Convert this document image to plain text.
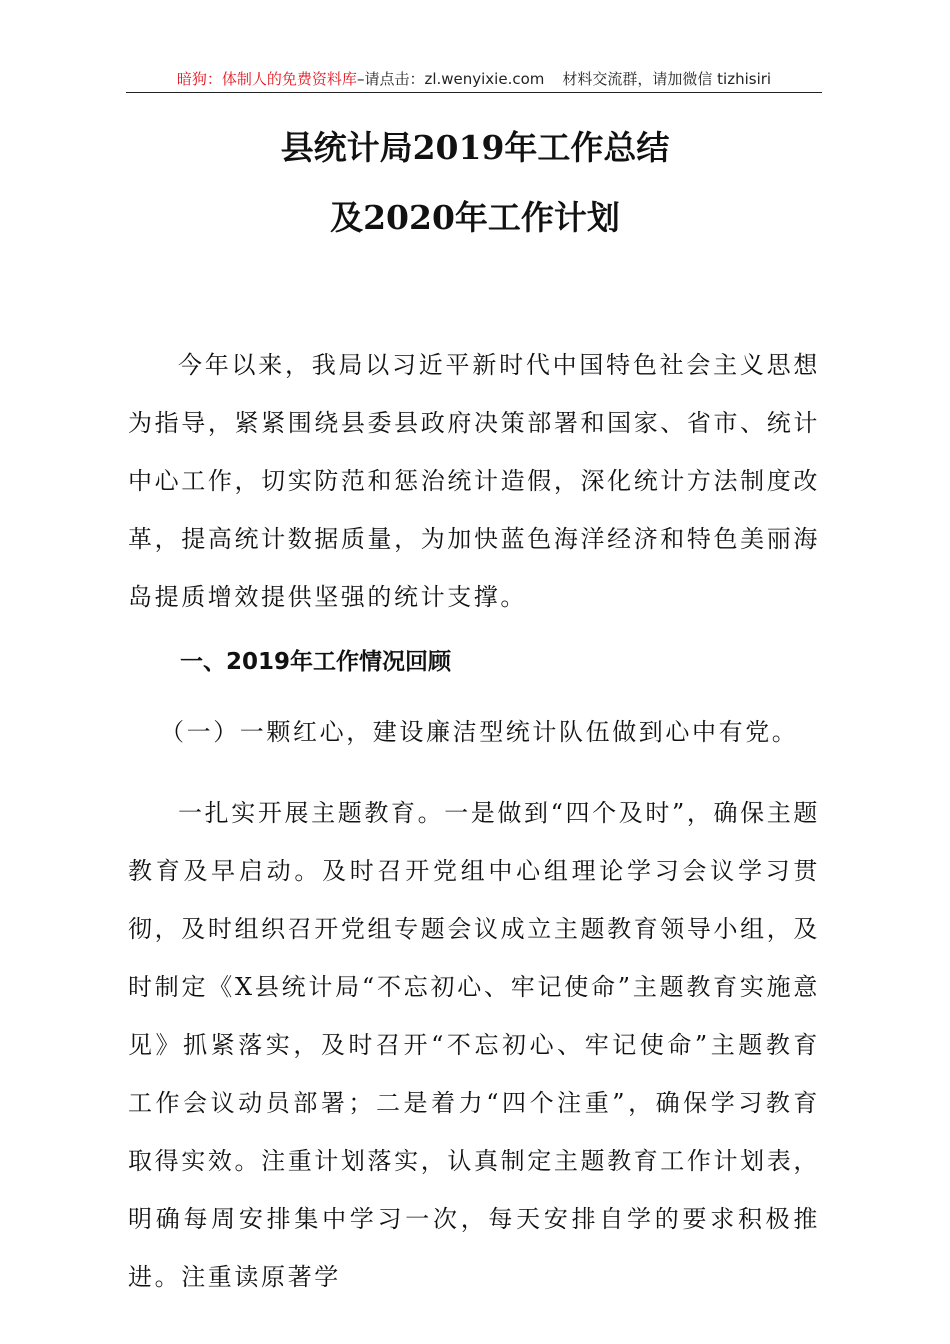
暗狗：体制人的免费资料库–请点击：zl.wenyixie.com 材料交流群，请加微信 tizhisiri
县统计局2019年工作总结
及2020年工作计划

今年以来，我局以习近平新时代中国特色社会主义思想为指导，紧紧围绕县委县政府决策部署和国家、省市、统计中心工作，切实防范和惩治统计造假，深化统计方法制度改革，提高统计数据质量，为加快蓝色海洋经济和特色美丽海岛提质增效提供坚强的统计支撑。

一、2019年工作情况回顾

（一）一颗红心，建设廉洁型统计队伍做到心中有党。

一扎实开展主题教育。一是做到“四个及时”，确保主题教育及早启动。及时召开党组中心组理论学习会议学习贯彻，及时组织召开党组专题会议成立主题教育领导小组，及时制定《X县统计局“不忘初心、牢记使命”主题教育实施意见》抓紧落实，及时召开“不忘初心、牢记使命”主题教育工作会议动员部署；二是着力“四个注重”，确保学习教育取得实效。注重计划落实，认真制定主题教育工作计划表，明确每周安排集中学习一次，每天安排自学的要求积极推进。注重读原著学
